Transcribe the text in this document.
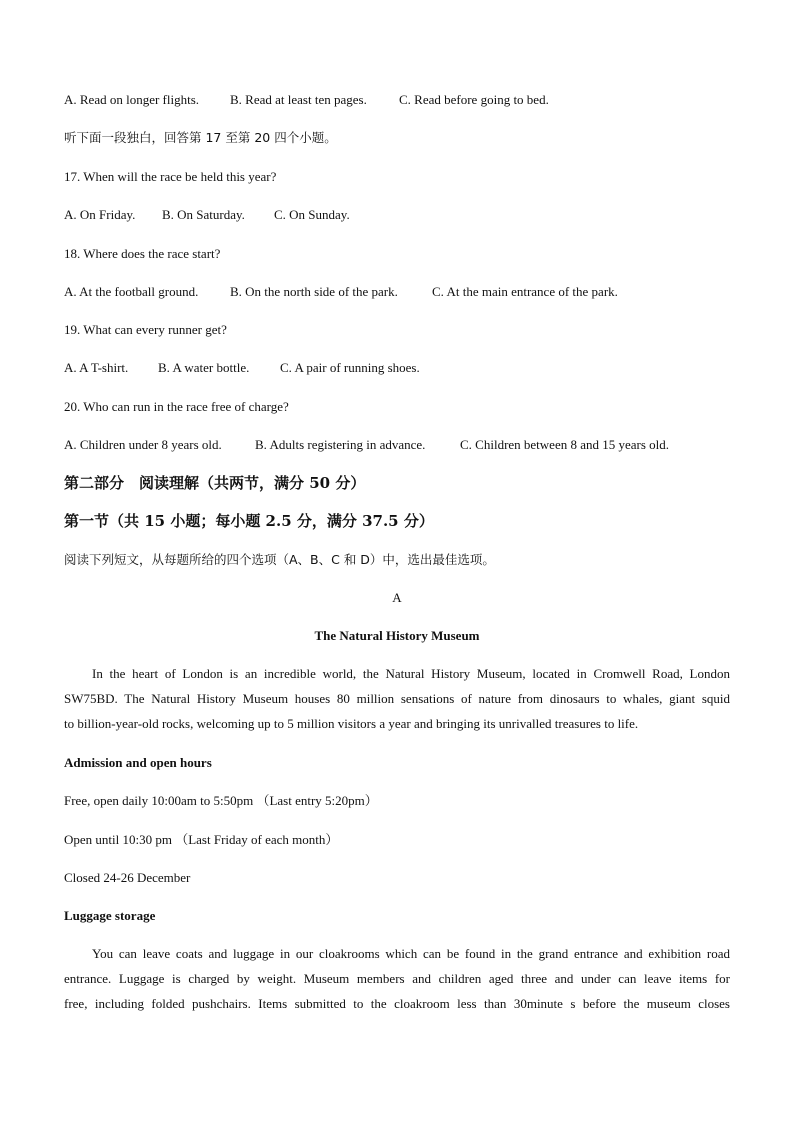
A. Read on longer flights. B. Read at least ten pages. C. Read before going to bed.
听下面一段独白，回答第 17 至第 20 四个小题。
17. When will the race be held this year?
A. On Friday. B. On Saturday. C. On Sunday.
18. Where does the race start?
A. At the football ground. B. On the north side of the park.	C. At the main entrance of the park.
19. What can every runner get?
A. A T-shirt. B. A water bottle. C. A pair of running shoes.
20. Who can run in the race free of charge?
A. Children under 8 years old.	B. Adults registering in advance.	C. Children between 8 and 15 years old.
第二部分　阅读理解（共两节，满分 50 分）
第一节（共 15 小题；每小题 2.5 分，满分 37.5 分）
阅读下列短文，从每题所给的四个选项（A、B、C 和 D）中，选出最佳选项。
A
The Natural History Museum
In the heart of London is an incredible world, the Natural History Museum, located in Cromwell Road, London
SW75BD. The Natural History Museum houses 80 million sensations of nature from dinosaurs to whales, giant squid
to billion-year-old rocks, welcoming up to 5 million visitors a year and bringing its unrivalled treasures to life.
Admission and open hours
Free, open daily 10:00am to 5:50pm （Last entry 5:20pm）
Open until 10:30 pm （Last Friday of each month）
Closed 24-26 December
Luggage storage
You can leave coats and luggage in our cloakrooms which can be found in the grand entrance and exhibition road
entrance. Luggage is charged by weight. Museum members and children aged three and under can leave items for
free, including folded pushchairs. Items submitted to the cloakroom less than 30minute s before the museum closes
